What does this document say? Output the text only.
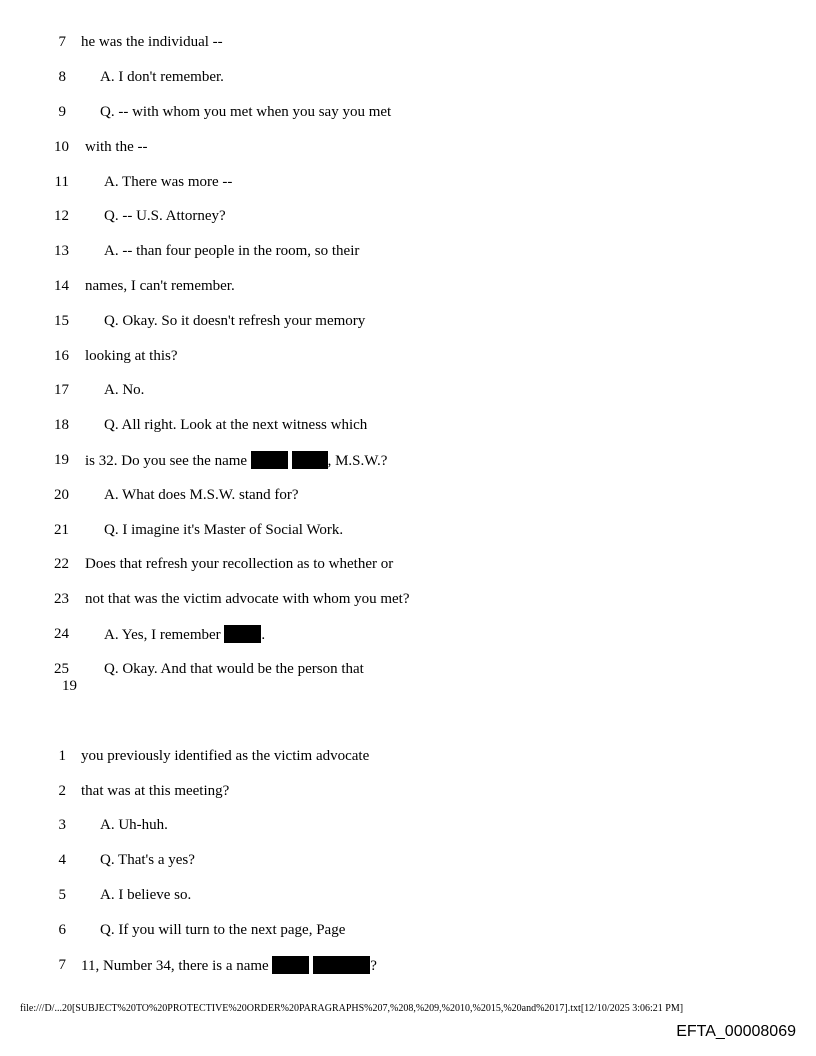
7 he was the individual --
8 A. I don't remember.
9 Q. -- with whom you met when you say you met
10 with the --
11 A. There was more --
12 Q. -- U.S. Attorney?
13 A. -- than four people in the room, so their
14 names, I can't remember.
15 Q. Okay. So it doesn't refresh your memory
16 looking at this?
17 A. No.
18 Q. All right. Look at the next witness which
19 is 32. Do you see the name	, M.S.W.?
20 A. What does M.S.W. stand for?
21 Q. I imagine it's Master of Social Work.
22 Does that refresh your recollection as to whether or
23 not that was the victim advocate with whom you met?
24 A. Yes, I remember	.
25 Q. Okay. And that would be the person that
19
1 you previously identified as the victim advocate
2 that was at this meeting?
3 A. Uh-huh.
4 Q. That's a yes?
5 A. I believe so.
6 Q. If you will turn to the next page, Page
7 11, Number 34, there is a name	?
file:///D/...20[SUBJECT%20TO%20PROTECTIVE%20ORDER%20PARAGRAPHS%207,%208,%209,%2010,%2015,%20and%2017].txt[12/10/2025 3:06:21 PM]
EFTA_00008069
